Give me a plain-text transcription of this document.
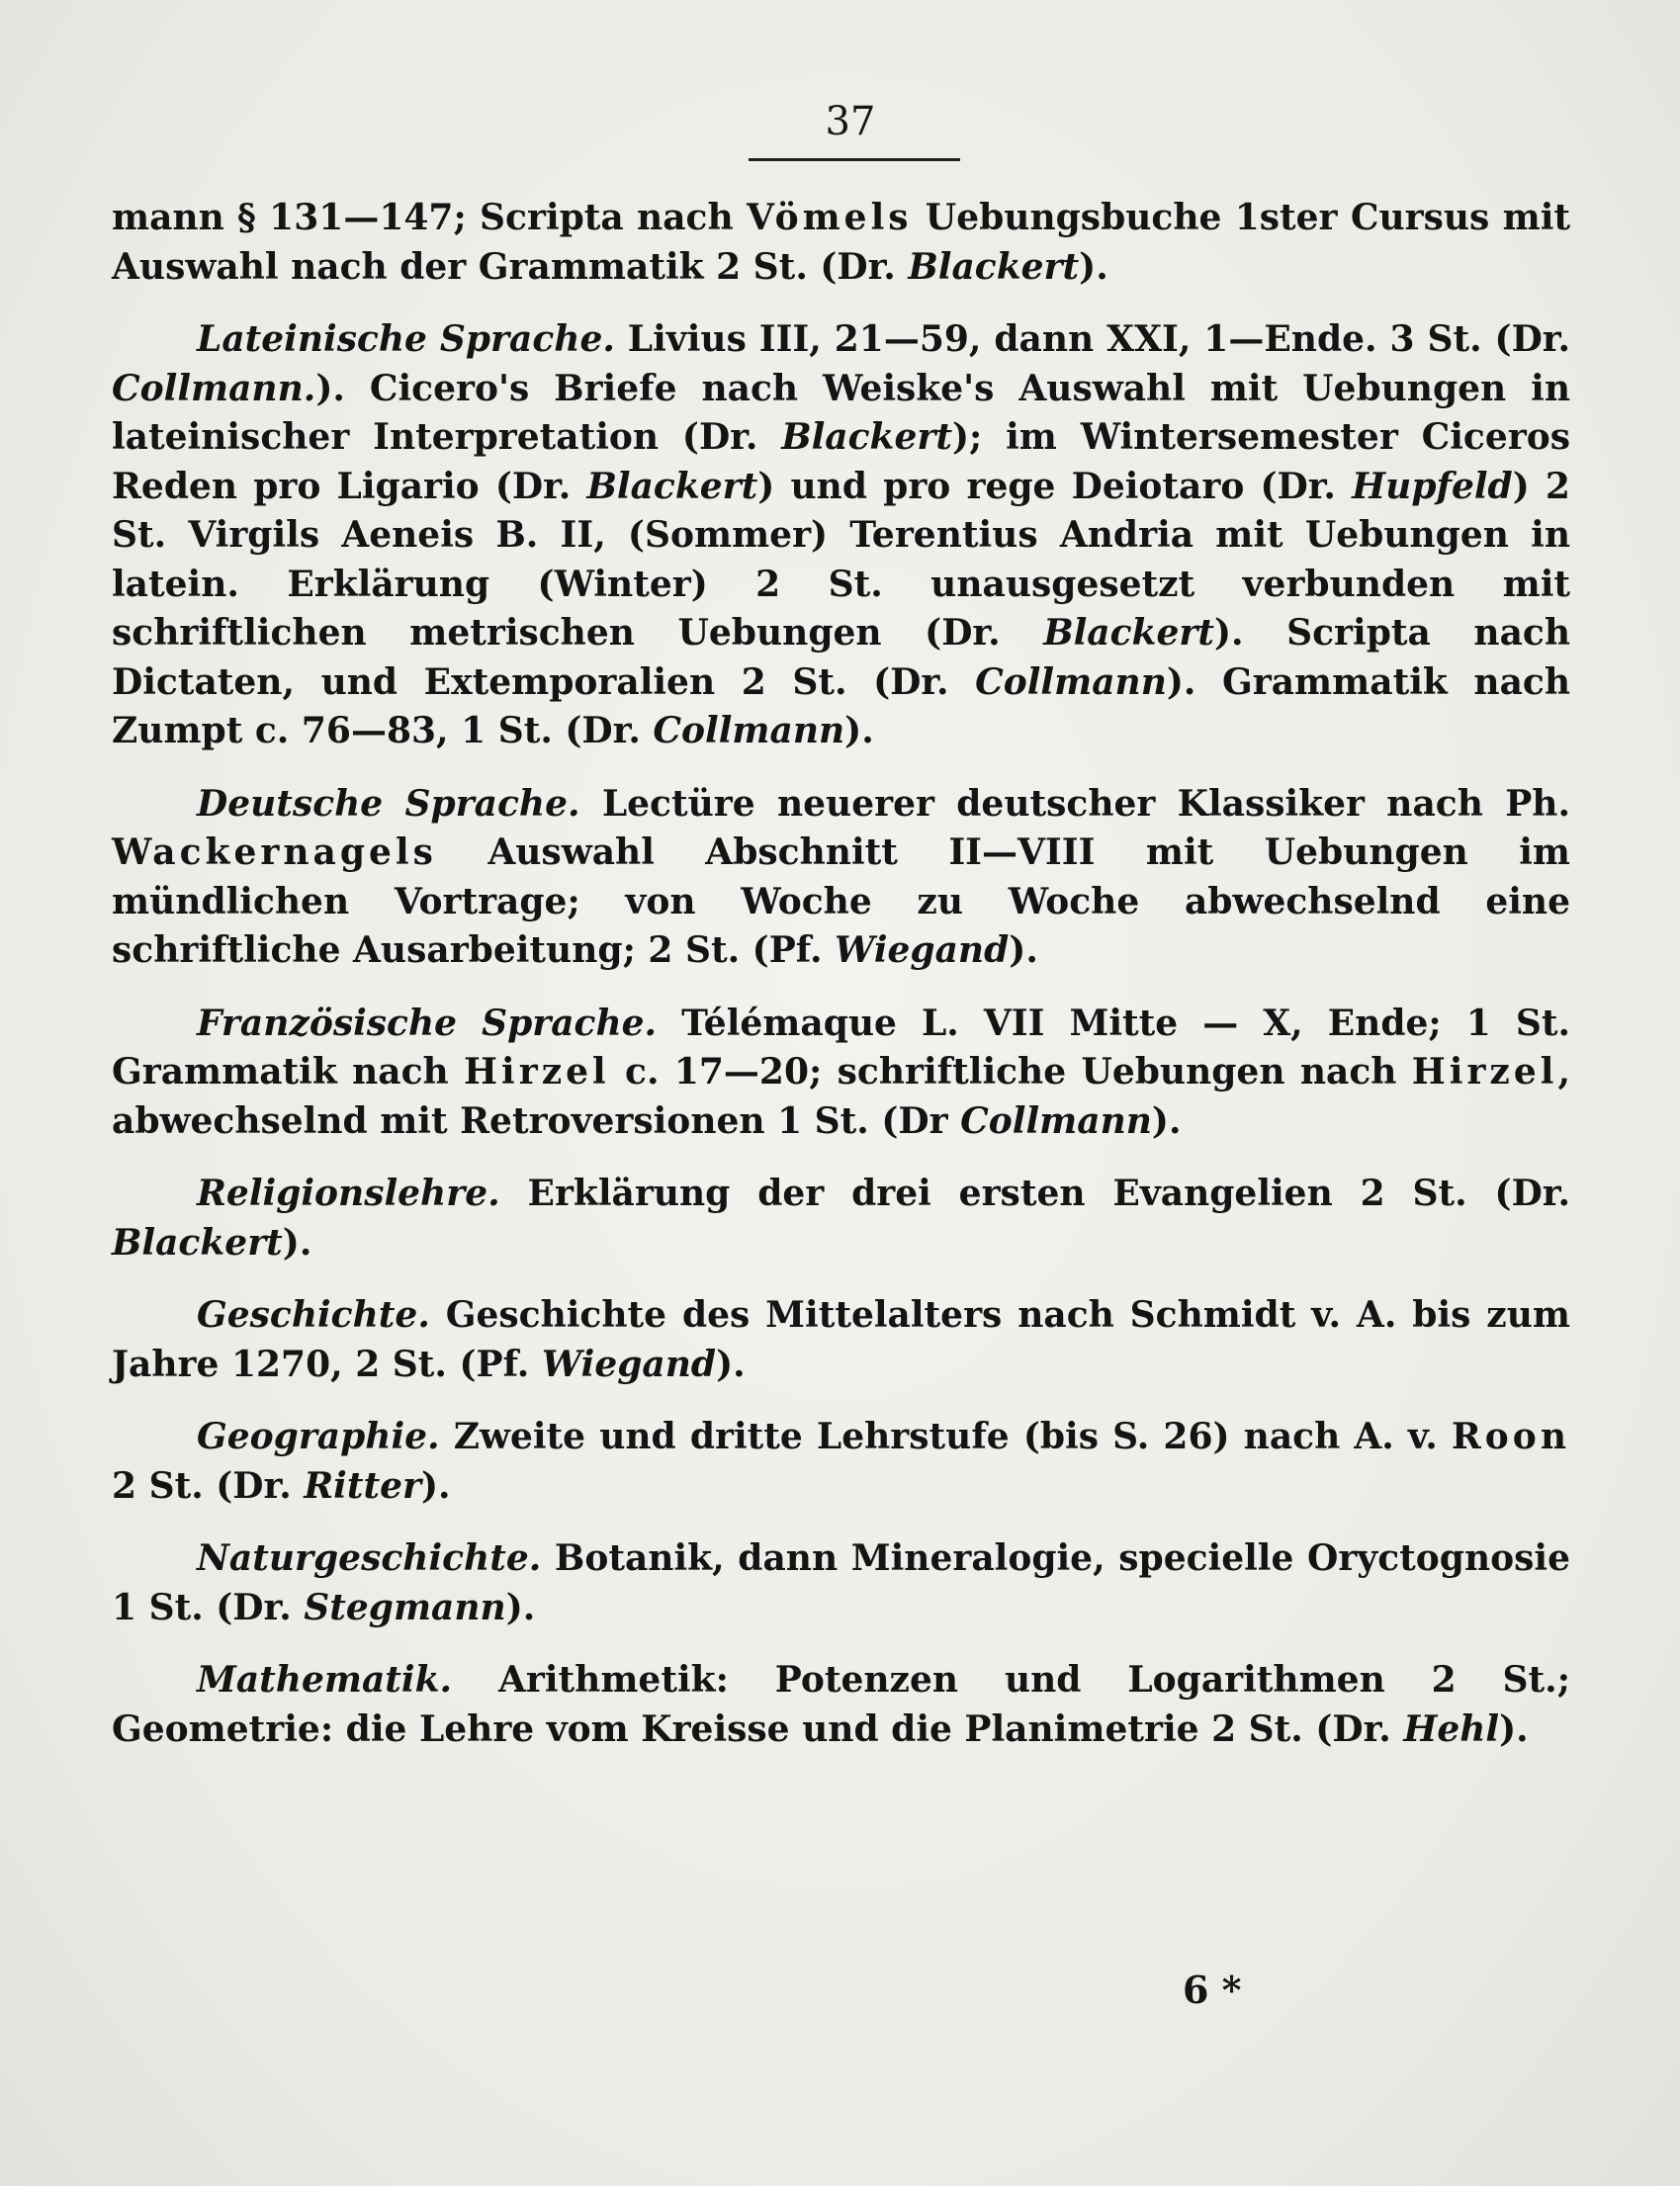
37

mann § 131—147; Scripta nach Vömels Uebungsbuche 1ster Cursus mit Auswahl nach der Grammatik 2 St. (Dr. Blackert).

Lateinische Sprache. Livius III, 21—59, dann XXI, 1—Ende. 3 St. (Dr. Collmann.). Cicero's Briefe nach Weiske's Auswahl mit Uebungen in lateinischer Interpretation (Dr. Blackert); im Wintersemester Ciceros Reden pro Ligario (Dr. Blackert) und pro rege Deiotaro (Dr. Hupfeld) 2 St. Virgils Aeneis B. II, (Sommer) Terentius Andria mit Uebungen in latein. Erklärung (Winter) 2 St. unausgesetzt verbunden mit schriftlichen metrischen Uebungen (Dr. Blackert). Scripta nach Dictaten, und Extemporalien 2 St. (Dr. Collmann). Grammatik nach Zumpt c. 76—83, 1 St. (Dr. Collmann).

Deutsche Sprache. Lectüre neuerer deutscher Klassiker nach Ph. Wackernagels Auswahl Abschnitt II—VIII mit Uebungen im mündlichen Vortrage; von Woche zu Woche abwechselnd eine schriftliche Ausarbeitung; 2 St. (Pf. Wiegand).

Französische Sprache. Télémaque L. VII Mitte — X, Ende; 1 St. Grammatik nach Hirzel c. 17—20; schriftliche Uebungen nach Hirzel, abwechselnd mit Retroversionen 1 St. (Dr Collmann).

Religionslehre. Erklärung der drei ersten Evangelien 2 St. (Dr. Blackert).

Geschichte. Geschichte des Mittelalters nach Schmidt v. A. bis zum Jahre 1270, 2 St. (Pf. Wiegand).

Geographie. Zweite und dritte Lehrstufe (bis S. 26) nach A. v. Roon 2 St. (Dr. Ritter).

Naturgeschichte. Botanik, dann Mineralogie, specielle Oryctognosie 1 St. (Dr. Stegmann).

Mathematik. Arithmetik: Potenzen und Logarithmen 2 St.; Geometrie: die Lehre vom Kreisse und die Planimetrie 2 St. (Dr. Hehl).

6 *
